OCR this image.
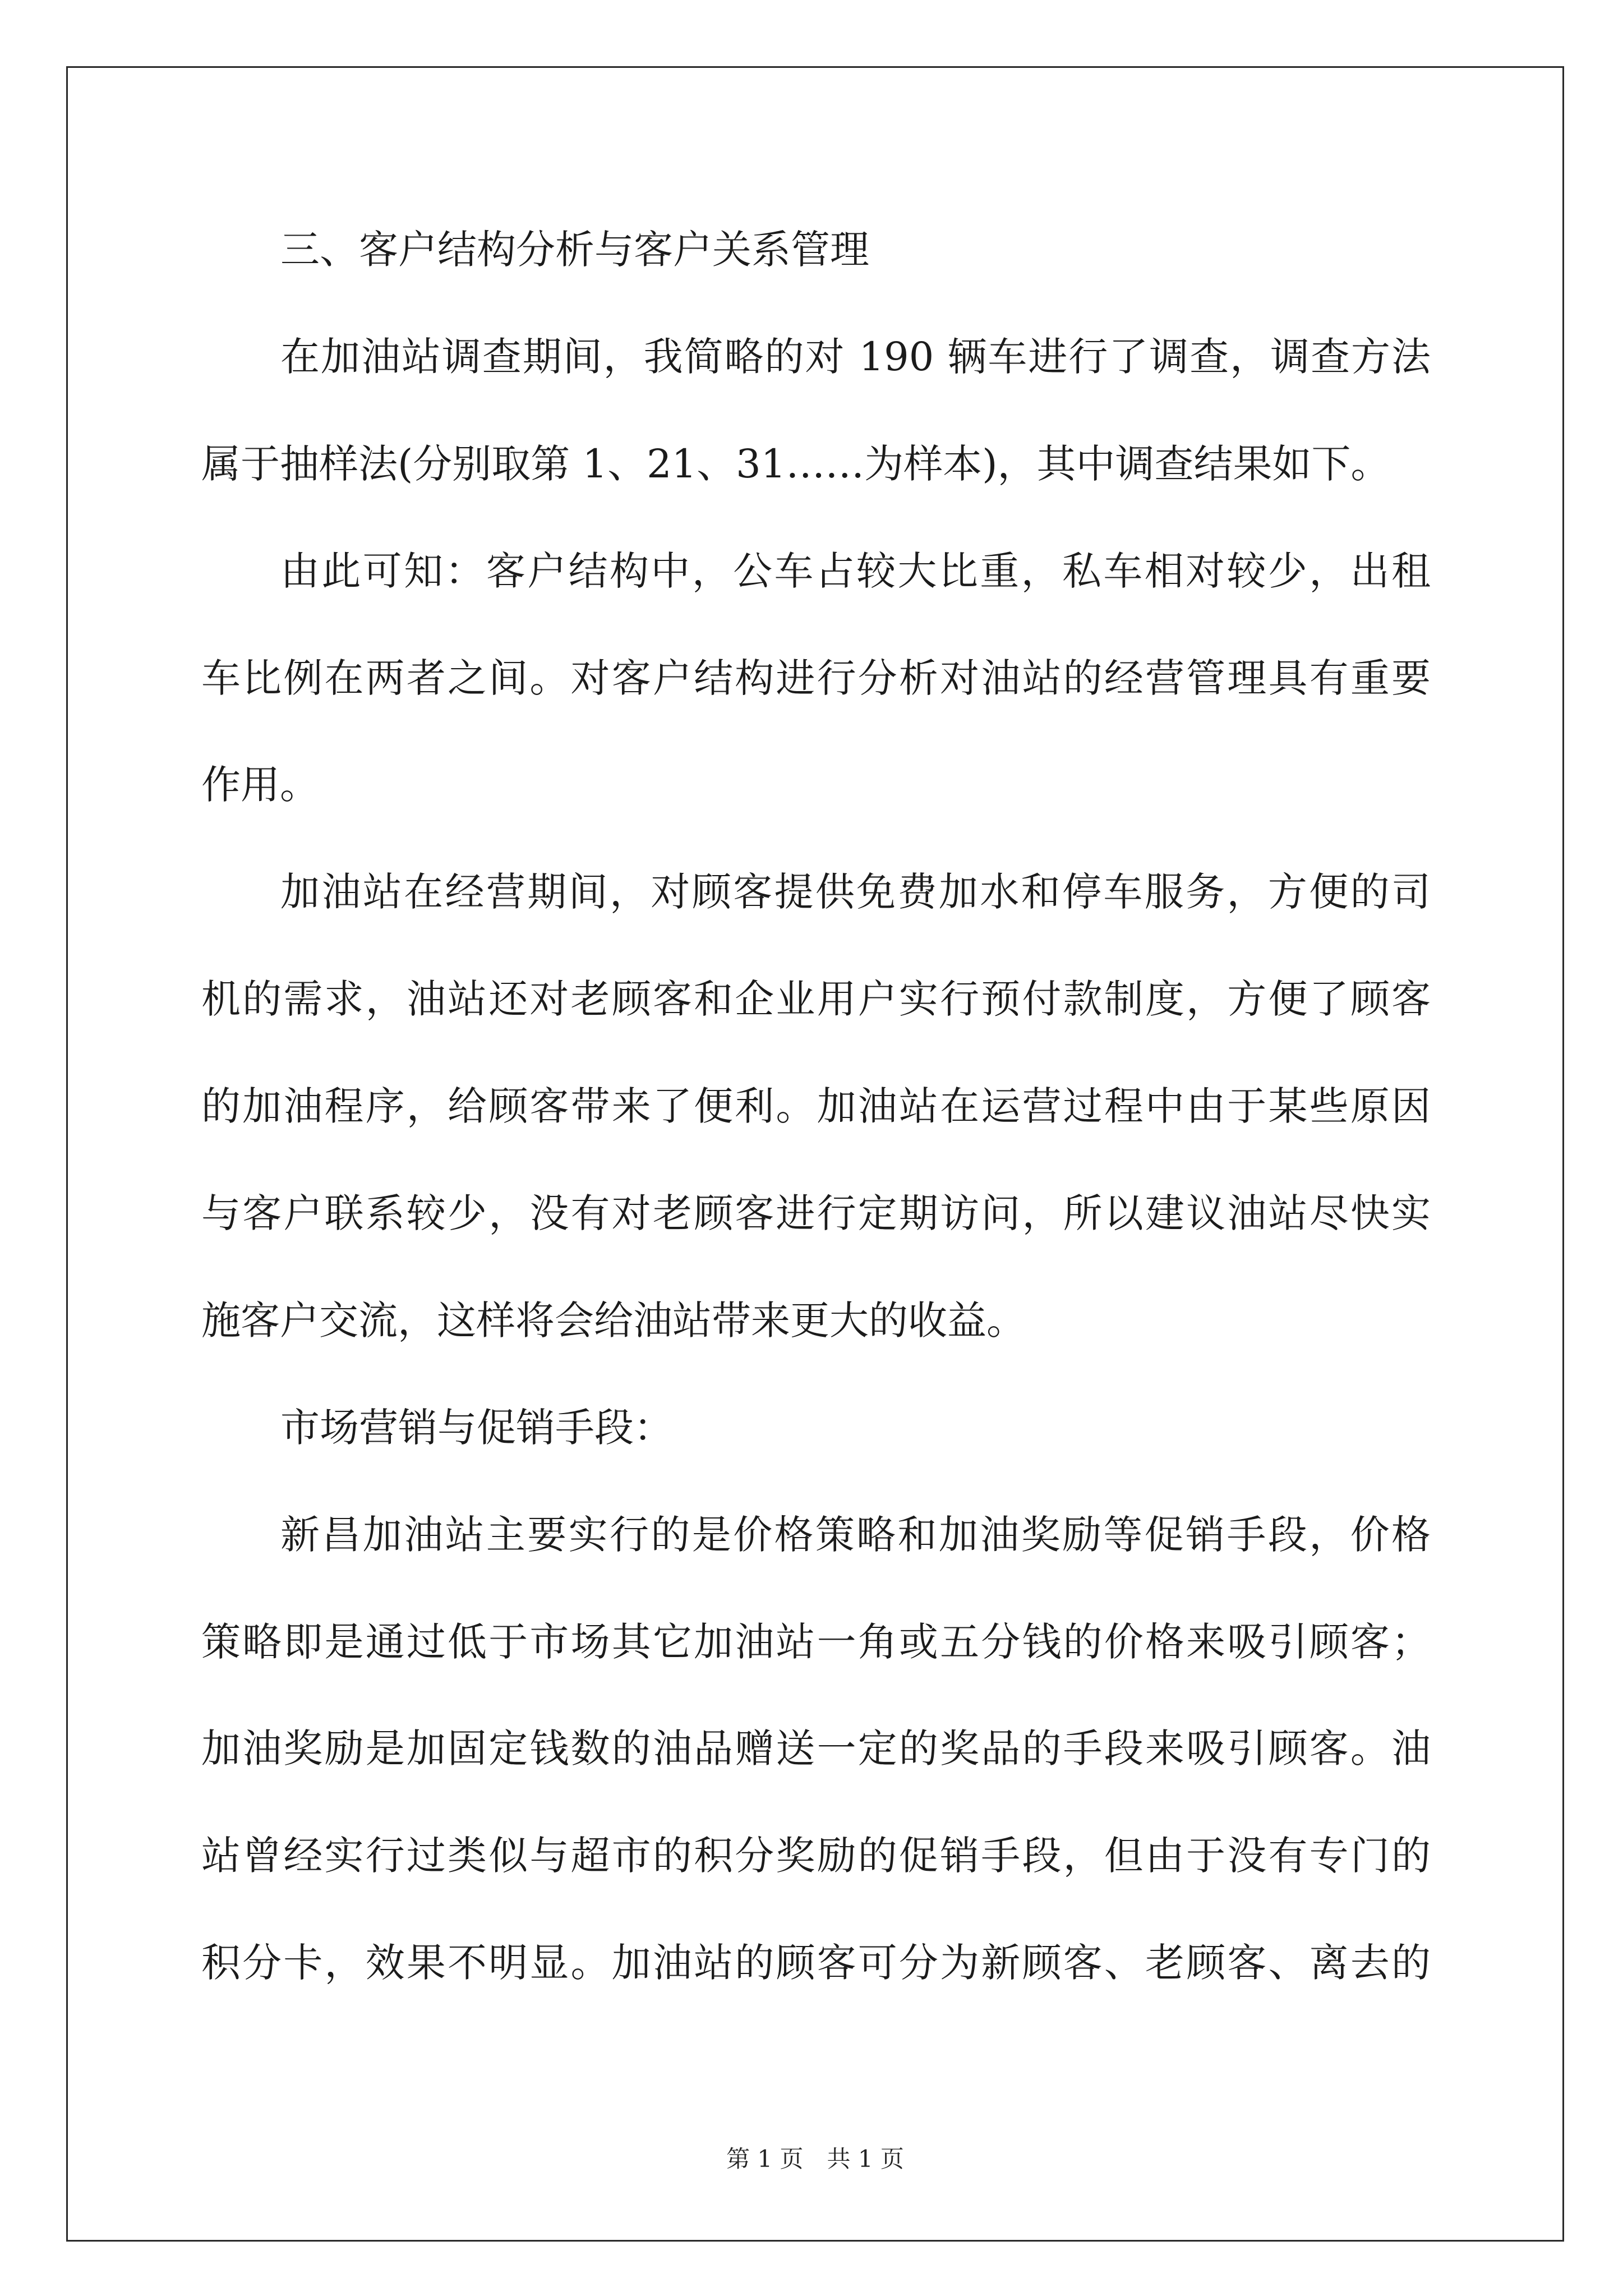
三、客户结构分析与客户关系管理
在加油站调查期间，我简略的对 190 辆车进行了调查，调查方法
属于抽样法(分别取第 1、21、31……为样本)，其中调查结果如下。
由此可知：客户结构中，公车占较大比重，私车相对较少，出租
车比例在两者之间。对客户结构进行分析对油站的经营管理具有重要
作用。
加油站在经营期间，对顾客提供免费加水和停车服务，方便的司
机的需求，油站还对老顾客和企业用户实行预付款制度，方便了顾客
的加油程序，给顾客带来了便利。加油站在运营过程中由于某些原因
与客户联系较少，没有对老顾客进行定期访问，所以建议油站尽快实
施客户交流，这样将会给油站带来更大的收益。
市场营销与促销手段：
新昌加油站主要实行的是价格策略和加油奖励等促销手段，价格
策略即是通过低于市场其它加油站一角或五分钱的价格来吸引顾客；
加油奖励是加固定钱数的油品赠送一定的奖品的手段来吸引顾客。油
站曾经实行过类似与超市的积分奖励的促销手段，但由于没有专门的
积分卡，效果不明显。加油站的顾客可分为新顾客、老顾客、离去的
第 1 页　共 1 页
